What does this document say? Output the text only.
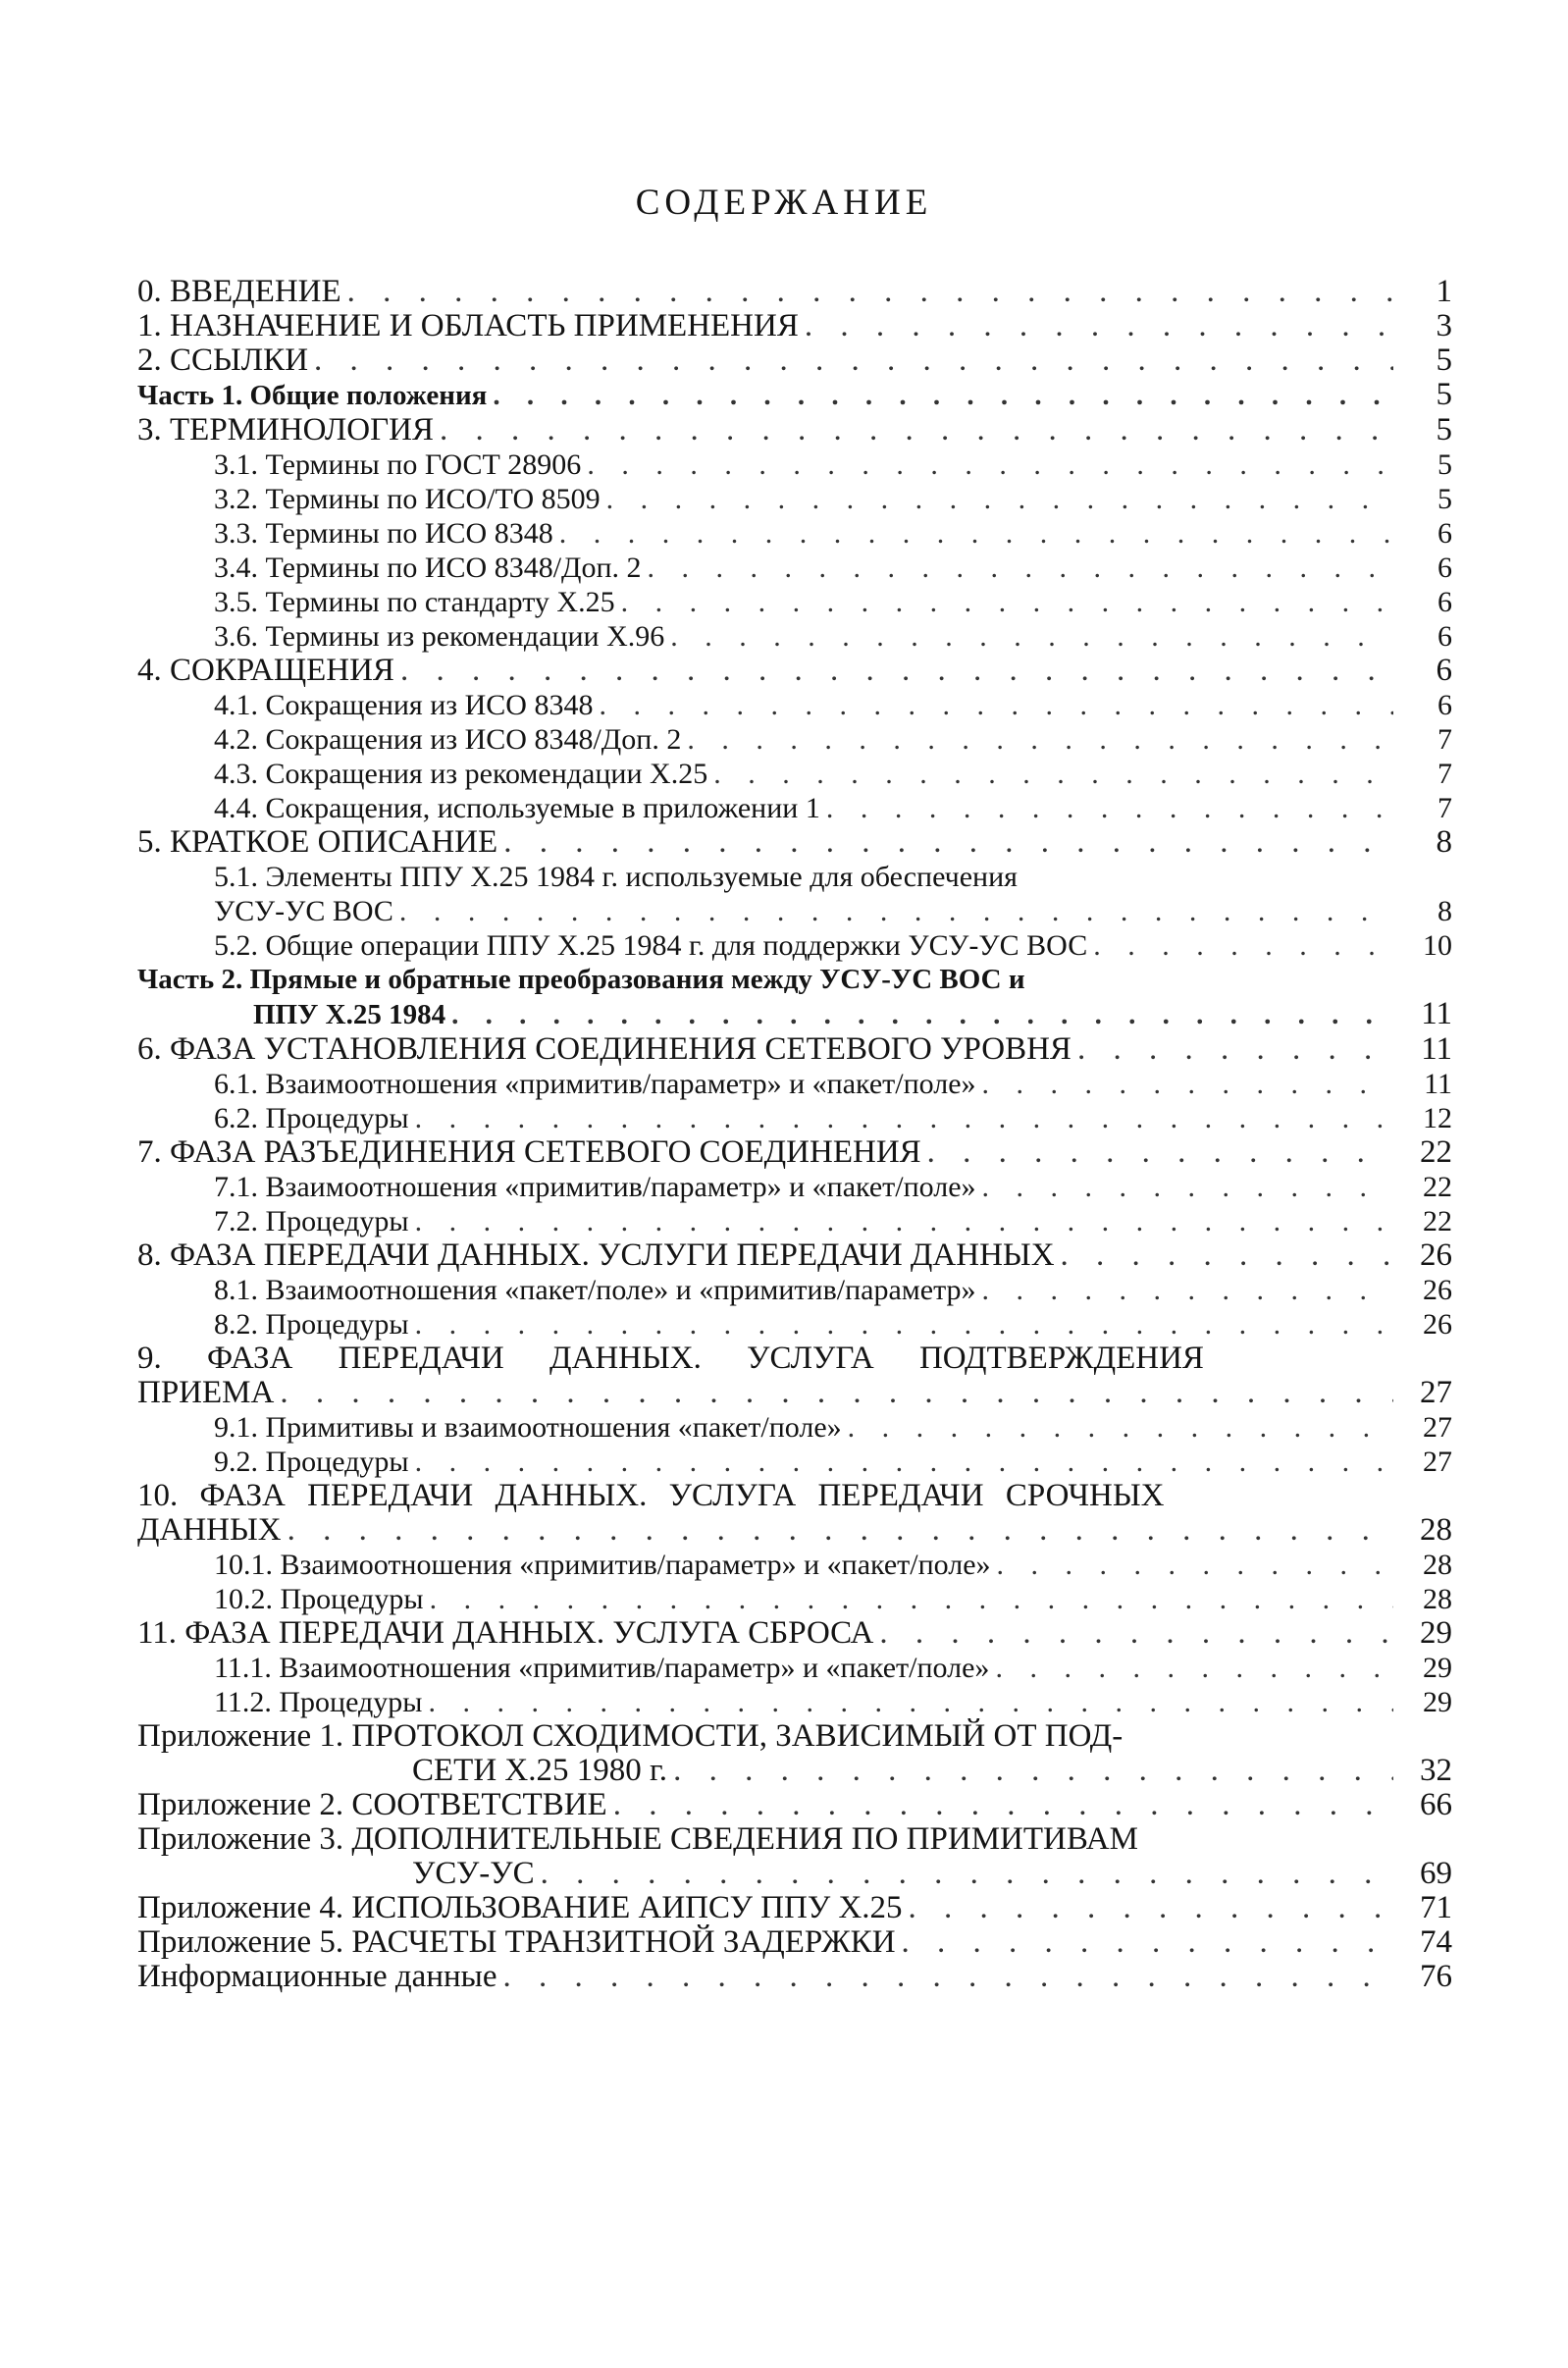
СОДЕРЖАНИЕ
0. ВВЕДЕНИЕ . . .	1
1. НАЗНАЧЕНИЕ И ОБЛАСТЬ ПРИМЕНЕНИЯ . . .	3
2. ССЫЛКИ . . .	5
Часть 1. Общие положения . . .	5
3. ТЕРМИНОЛОГИЯ . . .	5
3.1. Термины по ГОСТ 28906 . . .	5
3.2. Термины по ИСО/ТО 8509 . . .	5
3.3. Термины по ИСО 8348 . . .	6
3.4. Термины по ИСО 8348/Доп. 2 . . .	6
3.5. Термины по стандарту Х.25 . . .	6
3.6. Термины из рекомендации Х.96 . . .	6
4. СОКРАЩЕНИЯ . . .	6
4.1. Сокращения из ИСО 8348 . . .	6
4.2. Сокращения из ИСО 8348/Доп. 2 . . .	7
4.3. Сокращения из рекомендации Х.25 . . .	7
4.4. Сокращения, используемые в приложении 1 . . .	7
5. КРАТКОЕ ОПИСАНИЕ . . .	8
5.1. Элементы ППУ Х.25 1984 г. используемые для обеспечения
УСУ-УС ВОС . . .	8
5.2. Общие операции ППУ Х.25 1984 г. для поддержки УСУ-УС ВОС . . .	10
Часть 2. Прямые и обратные преобразования между УСУ-УС ВОС и
ППУ Х.25 1984 . . .	11
6. ФАЗА УСТАНОВЛЕНИЯ СОЕДИНЕНИЯ СЕТЕВОГО УРОВНЯ . . .	11
6.1. Взаимоотношения «примитив/параметр» и «пакет/поле» . . .	11
6.2. Процедуры . . .	12
7. ФАЗА РАЗЪЕДИНЕНИЯ СЕТЕВОГО СОЕДИНЕНИЯ . . .	22
7.1. Взаимоотношения «примитив/параметр» и «пакет/поле» . . .	22
7.2. Процедуры . . .	22
8. ФАЗА ПЕРЕДАЧИ ДАННЫХ. УСЛУГИ ПЕРЕДАЧИ ДАННЫХ . . .	26
8.1. Взаимоотношения «пакет/поле» и «примитив/параметр» . . .	26
8.2. Процедуры . . .	26
9. ФАЗА ПЕРЕДАЧИ ДАННЫХ. УСЛУГА ПОДТВЕРЖДЕНИЯ
ПРИЕМА . . .	27
9.1. Примитивы и взаимоотношения «пакет/поле» . . .	27
9.2. Процедуры . . .	27
10. ФАЗА ПЕРЕДАЧИ ДАННЫХ. УСЛУГА ПЕРЕДАЧИ СРОЧНЫХ
ДАННЫХ . . .	28
10.1. Взаимоотношения «примитив/параметр» и «пакет/поле» . . .	28
10.2. Процедуры . . .	28
11. ФАЗА ПЕРЕДАЧИ ДАННЫХ. УСЛУГА СБРОСА . . .	29
11.1. Взаимоотношения «примитив/параметр» и «пакет/поле» . . .	29
11.2. Процедуры . . .	29
Приложение 1. ПРОТОКОЛ СХОДИМОСТИ, ЗАВИСИМЫЙ ОТ ПОД-
СЕТИ Х.25 1980 г. . . .	32
Приложение 2. СООТВЕТСТВИЕ . . .	66
Приложение 3. ДОПОЛНИТЕЛЬНЫЕ СВЕДЕНИЯ ПО ПРИМИТИВАМ
УСУ-УС . . .	69
Приложение 4. ИСПОЛЬЗОВАНИЕ АИПСУ ППУ Х.25 . . .	71
Приложение 5. РАСЧЕТЫ ТРАНЗИТНОЙ ЗАДЕРЖКИ . . .	74
Информационные данные . . .	76
